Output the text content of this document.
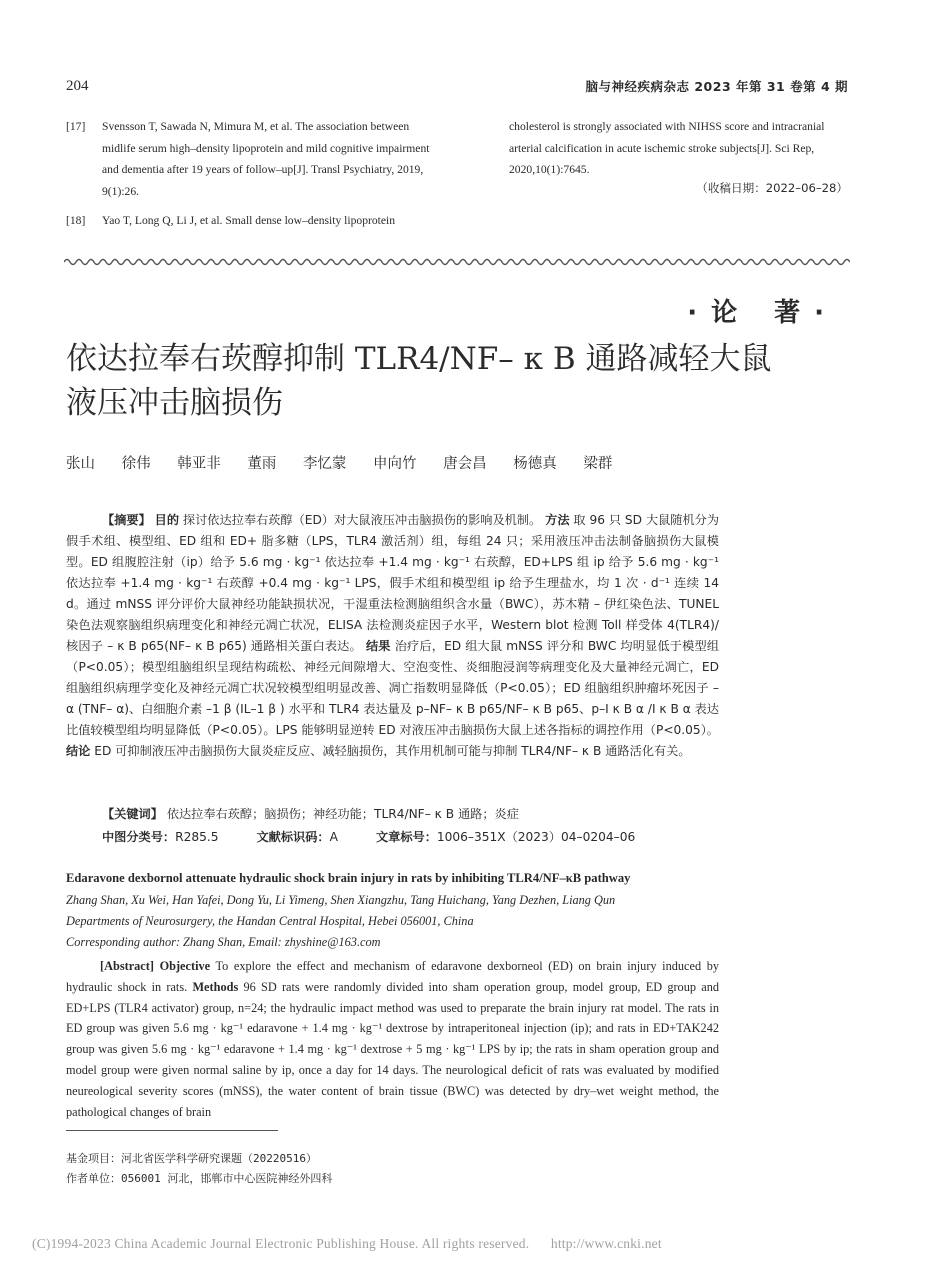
204	脑与神经疾病杂志 2023 年第 31 卷第 4 期
[17]	Svensson T, Sawada N, Mimura M, et al. The association between midlife serum high–density lipoprotein and mild cognitive impairment and dementia after 19 years of follow–up[J]. Transl Psychiatry, 2019, 9(1):26.
[18]	Yao T, Long Q, Li J, et al. Small dense low–density lipoprotein
cholesterol is strongly associated with NIHSS score and intracranial arterial calcification in acute ischemic stroke subjects[J]. Sci Rep, 2020,10(1):7645.
（收稿日期：2022–06–28）
·论 著·
依达拉奉右莰醇抑制 TLR4/NF– κ B 通路减轻大鼠液压冲击脑损伤
张山 徐伟 韩亚非 董雨 李忆蒙 申向竹 唐会昌 杨德真 梁群

【摘要】 目的 探讨依达拉奉右莰醇（ED）对大鼠液压冲击脑损伤的影响及机制。 方法 取 96 只 SD 大鼠随机分为假手术组、模型组、ED 组和 ED+ 脂多糖（LPS，TLR4 激活剂）组，每组 24 只；采用液压冲击法制备脑损伤大鼠模型。ED 组腹腔注射（ip）给予 5.6 mg · kg⁻¹ 依达拉奉 +1.4 mg · kg⁻¹ 右莰醇，ED+LPS 组 ip 给予 5.6 mg · kg⁻¹ 依达拉奉 +1.4 mg · kg⁻¹ 右莰醇 +0.4 mg · kg⁻¹ LPS，假手术组和模型组 ip 给予生理盐水，均 1 次 · d⁻¹ 连续 14 d。通过 mNSS 评分评价大鼠神经功能缺损状况，干湿重法检测脑组织含水量（BWC），苏木精 – 伊红染色法、TUNEL 染色法观察脑组织病理变化和神经元凋亡状况，ELISA 法检测炎症因子水平，Western blot 检测 Toll 样受体 4(TLR4)/ 核因子 – κ B p65(NF– κ B p65) 通路相关蛋白表达。 结果 治疗后，ED 组大鼠 mNSS 评分和 BWC 均明显低于模型组（P<0.05）；模型组脑组织呈现结构疏松、神经元间隙增大、空泡变性、炎细胞浸润等病理变化及大量神经元凋亡，ED 组脑组织病理学变化及神经元凋亡状况较模型组明显改善、凋亡指数明显降低（P<0.05）；ED 组脑组织肿瘤坏死因子 – α (TNF– α)、白细胞介素 –1 β (IL–1 β ) 水平和 TLR4 表达量及 p–NF– κ B p65/NF– κ B p65、p–I κ B α /I κ B α 表达比值较模型组均明显降低（P<0.05）。LPS 能够明显逆转 ED 对液压冲击脑损伤大鼠上述各指标的调控作用（P<0.05）。 结论 ED 可抑制液压冲击脑损伤大鼠炎症反应、减轻脑损伤，其作用机制可能与抑制 TLR4/NF– κ B 通路活化有关。

【关键词】 依达拉奉右莰醇；脑损伤；神经功能；TLR4/NF– κ B 通路；炎症
中图分类号：R285.5	文献标识码：A	文章标号：1006–351X（2023）04–0204–06
Edaravone dexbornol attenuate hydraulic shock brain injury in rats by inhibiting TLR4/NF–κB pathway
Zhang Shan, Xu Wei, Han Yafei, Dong Yu, Li Yimeng, Shen Xiangzhu, Tang Huichang, Yang Dezhen, Liang Qun
Departments of Neurosurgery, the Handan Central Hospital, Hebei 056001, China
Corresponding author: Zhang Shan, Email: zhyshine@163.com

[Abstract] Objective To explore the effect and mechanism of edaravone dexborneol (ED) on brain injury induced by hydraulic shock in rats. Methods 96 SD rats were randomly divided into sham operation group, model group, ED group and ED+LPS (TLR4 activator) group, n=24; the hydraulic impact method was used to preparate the brain injury rat model. The rats in ED group was given 5.6 mg · kg⁻¹ edaravone + 1.4 mg · kg⁻¹ dextrose by intraperitoneal injection (ip); and rats in ED+TAK242 group was given 5.6 mg · kg⁻¹ edaravone + 1.4 mg · kg⁻¹ dextrose + 5 mg · kg⁻¹ LPS by ip; the rats in sham operation group and model group were given normal saline by ip, once a day for 14 days. The neurological deficit of rats was evaluated by modified neureological severity scores (mNSS), the water content of brain tissue (BWC) was detected by dry–wet weight method, the pathological changes of brain

基金项目：河北省医学科学研究课题（20220516）
作者单位：056001 河北，邯郸市中心医院神经外四科
(C)1994-2023 China Academic Journal Electronic Publishing House. All rights reserved. http://www.cnki.net
